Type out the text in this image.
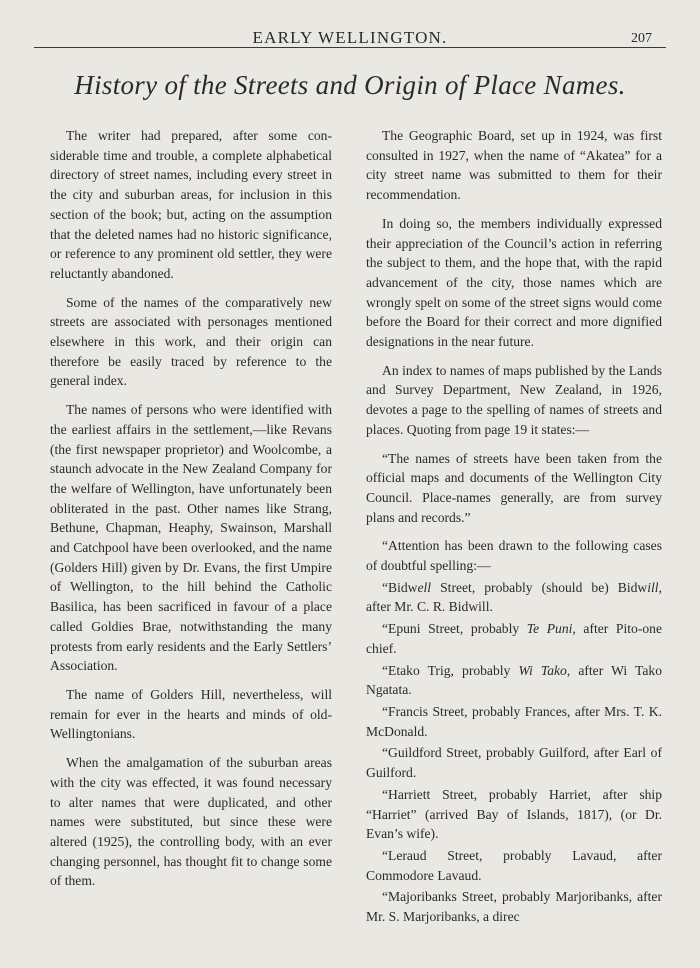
EARLY WELLINGTON.	207
History of the Streets and Origin of Place Names.

The writer had prepared, after some considerable time and trouble, a complete alphabetical directory of street names, including every street in the city and suburban areas, for inclusion in this section of the book; but, acting on the assumption that the deleted names had no historic significance, or reference to any prominent old settler, they were reluctantly abandoned.

Some of the names of the comparatively new streets are associated with personages mentioned elsewhere in this work, and their origin can therefore be easily traced by reference to the general index.

The names of persons who were identified with the earliest affairs in the settlement,—like Revans (the first newspaper proprietor) and Woolcombe, a staunch advocate in the New Zealand Company for the welfare of Wellington, have unfortunately been obliterated in the past. Other names like Strang, Bethune, Chapman, Heaphy, Swainson, Marshall and Catchpool have been overlooked, and the name (Golders Hill) given by Dr. Evans, the first Umpire of Wellington, to the hill behind the Catholic Basilica, has been sacrificed in favour of a place called Goldies Brae, notwithstanding the many protests from early residents and the Early Settlers’ Association.

The name of Golders Hill, nevertheless, will remain for ever in the hearts and minds of old-Wellingtonians.

When the amalgamation of the suburban areas with the city was effected, it was found necessary to alter names that were duplicated, and other names were substituted, but since these were altered (1925), the controlling body, with an ever changing personnel, has thought fit to change some of them.

The Geographic Board, set up in 1924, was first consulted in 1927, when the name of “Akatea” for a city street name was submitted to them for their recommendation.

In doing so, the members individually expressed their appreciation of the Council’s action in referring the subject to them, and the hope that, with the rapid advancement of the city, those names which are wrongly spelt on some of the street signs would come before the Board for their correct and more dignified designations in the near future.

An index to names of maps published by the Lands and Survey Department, New Zealand, in 1926, devotes a page to the spelling of names of streets and places. Quoting from page 19 it states:—

“The names of streets have been taken from the official maps and documents of the Wellington City Council. Place-names generally, are from survey plans and records.”

“Attention has been drawn to the following cases of doubtful spelling:—

“Bidwell Street, probably (should be) Bidwill, after Mr. C. R. Bidwill.

“Epuni Street, probably Te Puni, after Pito-one chief.

“Etako Trig, probably Wi Tako, after Wi Tako Ngatata.

“Francis Street, probably Frances, after Mrs. T. K. McDonald.

“Guildford Street, probably Guilford, after Earl of Guilford.

“Harriett Street, probably Harriet, after ship “Harriet” (arrived Bay of Islands, 1817), (or Dr. Evan’s wife).

“Leraud Street, probably Lavaud, after Commodore Lavaud.

“Majoribanks Street, probably Marjoribanks, after Mr. S. Marjoribanks, a direc
